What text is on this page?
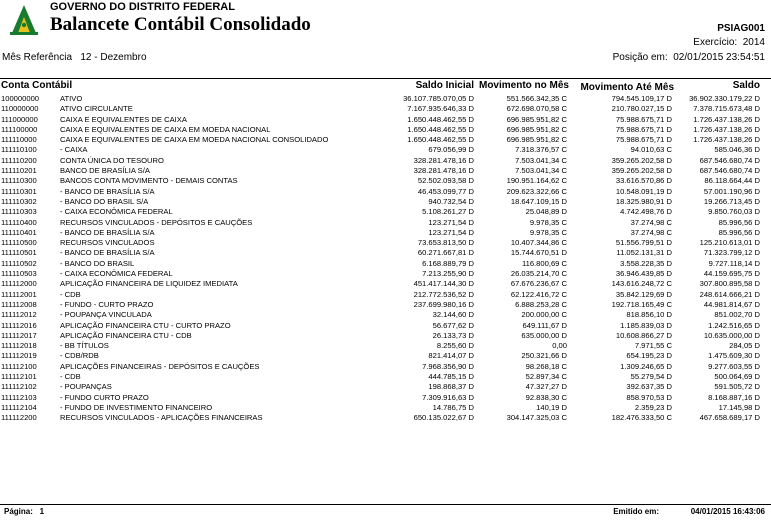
GOVERNO DO DISTRITO FEDERAL
Balancete Contábil Consolidado	PSIAG001
Exercício: 2014
Posição em: 02/01/2015 23:54:51
Mês Referência 12 - Dezembro
Conta Contábil	Saldo Inicial Movimento no Mês Movimento Até Mês	Saldo
100000000	ATIVO	36.107.785.070,05 D	551.566.342,35 C	794.545.109,17 D 36.902.330.179,22 D
110000000	ATIVO CIRCULANTE	7.167.935.646,33 D	672.698.070,58 C	210.780.027,15 D	7.378.715.673,48 D
111000000	CAIXA E EQUIVALENTES DE CAIXA	1.650.448.462,55 D	696.985.951,82 C	75.988.675,71 D	1.726.437.138,26 D
111100000	CAIXA E EQUIVALENTES DE CAIXA EM MOEDA NACIONAL	1.650.448.462,55 D	696.985.951,82 C	75.988.675,71 D	1.726.437.138,26 D
111110000	CAIXA E EQUIVALENTES DE CAIXA EM MOEDA NACIONAL CONSOLIDADO	1.650.448.462,55 D	696.985.951,82 C	75.988.675,71 D	1.726.437.138,26 D
111110100	- CAIXA	679.056,99 D	7.318.376,57 C	94.010,63 C	585.046,36 D
111110200	CONTA ÚNICA DO TESOURO	328.281.478,16 D	7.503.041,34 C	359.265.202,58 D	687.546.680,74 D
111110201	BANCO DE BRASÍLIA S/A	328.281.478,16 D	7.503.041,34 C	359.265.202,58 D	687.546.680,74 D
111110300	BANCOS CONTA MOVIMENTO - DEMAIS CONTAS	52.502.093,58 D	190.951.164,62 C	33.616.570,86 D	86.118.664,44 D
111110301	- BANCO DE BRASÍLIA S/A	46.453.099,77 D	209.623.322,66 C	10.548.091,19 D	57.001.190,96 D
111110302	- BANCO DO BRASIL S/A	940.732,54 D	18.647.109,15 D	18.325.980,91 D	19.266.713,45 D
111110303	- CAIXA ECONÔMICA FEDERAL	5.108.261,27 D	25.048,89 D	4.742.498,76 D	9.850.760,03 D
111110400	RECURSOS VINCULADOS - DEPÓSITOS E CAUÇÕES	123.271,54 D	9.978,35 C	37.274,98 C	85.996,56 D
111110401	- BANCO DE BRASÍLIA S/A	123.271,54 D	9.978,35 C	37.274,98 C	85.996,56 D
111110500	RECURSOS VINCULADOS	73.653.813,50 D	10.407.344,86 C	51.556.799,51 D	125.210.613,01 D
111110501	- BANCO DE BRASÍLIA S/A	60.271.667,81 D	15.744.670,51 D	11.052.131,31 D	71.323.799,12 D
111110502	- BANCO DO BRASIL	6.168.889,79 D	116.800,69 C	3.558.228,35 D	9.727.118,14 D
111110503	- CAIXA ECONÔMICA FEDERAL	7.213.255,90 D	26.035.214,70 C	36.946.439,85 D	44.159.695,75 D
111112000	APLICAÇÃO FINANCEIRA DE LIQUIDEZ IMEDIATA	451.417.144,30 D	67.676.236,67 C	143.616.248,72 C	307.800.895,58 D
111112001	- CDB	212.772.536,52 D	62.122.416,72 C	35.842.129,69 D	248.614.666,21 D
111112008	- FUNDO - CURTO PRAZO	237.699.980,16 D	6.888.253,28 C	192.718.165,49 C	44.981.814,67 D
111112012	- POUPANÇA VINCULADA	32.144,60 D	200.000,00 C	818.856,10 D	851.002,70 D
111112016	APLICAÇÃO FINANCEIRA CTU - CURTO PRAZO	56.677,62 D	649.111,67 D	1.185.839,03 D	1.242.516,65 D
111112017	APLICAÇÃO FINANCEIRA CTU - CDB	26.133,73 D	635.000,00 D	10.608.866,27 D	10.635.000,00 D
111112018	- BB TÍTULOS	8.255,60 D	0,00	7.971,55 C	284,05 D
111112019	- CDB/RDB	821.414,07 D	250.321,66 D	654.195,23 D	1.475.609,30 D
111112100	APLICAÇÕES FINANCEIRAS - DEPÓSITOS E CAUÇÕES	7.968.356,90 D	98.268,18 C	1.309.246,65 D	9.277.603,55 D
111112101	- CDB	444.785,15 D	52.897,34 C	55.279,54 D	500.064,69 D
111112102	- POUPANÇAS	198.868,37 D	47.327,27 D	392.637,35 D	591.505,72 D
111112103	- FUNDO CURTO PRAZO	7.309.916,63 D	92.838,30 C	858.970,53 D	8.168.887,16 D
111112104	- FUNDO DE INVESTIMENTO FINANCEIRO	14.786,75 D	140,19 D	2.359,23 D	17.145,98 D
111112200	RECURSOS VINCULADOS - APLICAÇÕES FINANCEIRAS	650.135.022,67 D	304.147.325,03 C	182.476.333,50 C	467.658.689,17 D
Página: 1	Emitido em:	04/01/2015 16:43:06
